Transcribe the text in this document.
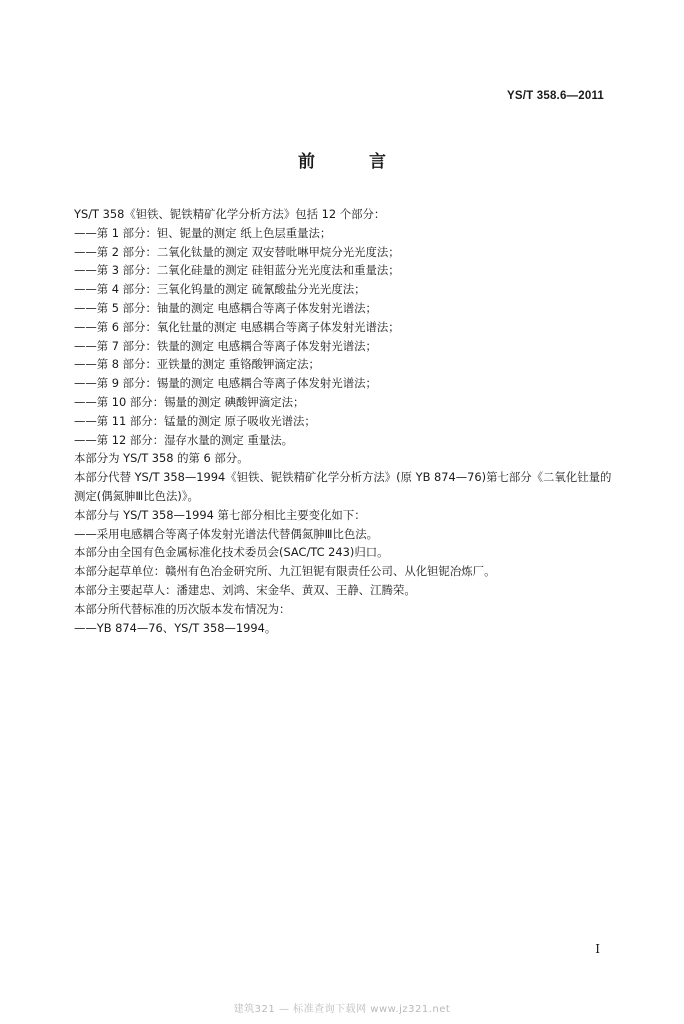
YS/T 358.6—2011
前 言

YS/T 358《钽铁、铌铁精矿化学分析方法》包括 12 个部分：

——第 1 部分：钽、铌量的测定 纸上色层重量法；

——第 2 部分：二氧化钛量的测定 双安替吡啉甲烷分光光度法；

——第 3 部分：二氧化硅量的测定 硅钼蓝分光光度法和重量法；

——第 4 部分：三氧化钨量的测定 硫氰酸盐分光光度法；

——第 5 部分：铀量的测定 电感耦合等离子体发射光谱法；

——第 6 部分：氧化钍量的测定 电感耦合等离子体发射光谱法；

——第 7 部分：铁量的测定 电感耦合等离子体发射光谱法；

——第 8 部分：亚铁量的测定 重铬酸钾滴定法；

——第 9 部分：锡量的测定 电感耦合等离子体发射光谱法；

——第 10 部分：锡量的测定 碘酸钾滴定法；

——第 11 部分：锰量的测定 原子吸收光谱法；

——第 12 部分：湿存水量的测定 重量法。

本部分为 YS/T 358 的第 6 部分。

本部分代替 YS/T 358—1994《钽铁、铌铁精矿化学分析方法》(原 YB 874—76)第七部分《二氧化钍量的测定(偶氮胂Ⅲ比色法)》。

本部分与 YS/T 358—1994 第七部分相比主要变化如下：

——采用电感耦合等离子体发射光谱法代替偶氮胂Ⅲ比色法。

本部分由全国有色金属标准化技术委员会(SAC/TC 243)归口。

本部分起草单位：赣州有色冶金研究所、九江钽铌有限责任公司、从化钽铌冶炼厂。

本部分主要起草人：潘建忠、刘鸿、宋金华、黄双、王静、江腾荣。

本部分所代替标准的历次版本发布情况为：

——YB 874—76、YS/T 358—1994。

I
建筑321 — 标准查询下载网 www.jz321.net
